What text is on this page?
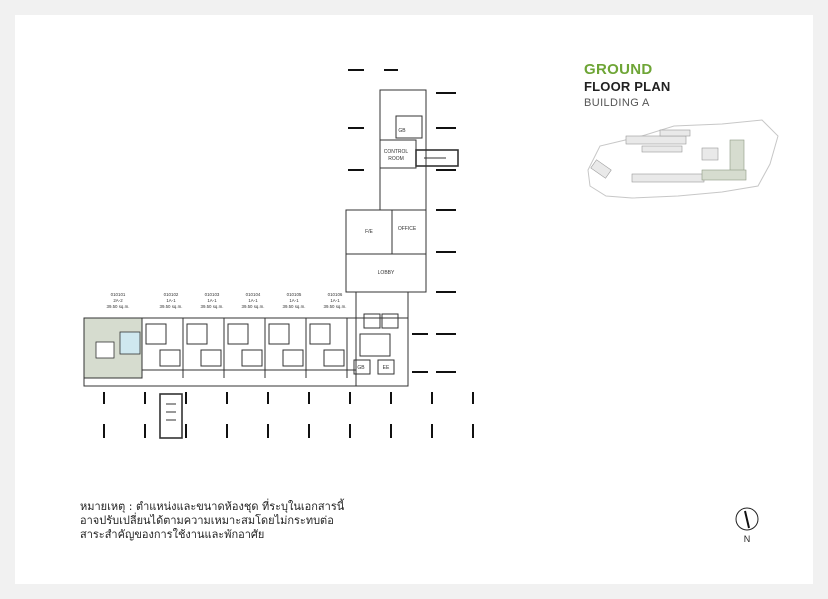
GROUND
FLOOR PLAN
BUILDING A
GB
CONTROL
ROOM
F/E	OFFICE
LOBBY
GB	EE
010101
2A-2
39.50 sq.m.
010102
1A-1
39.50 sq.m.
010103
1A-1
39.50 sq.m.
010104
1A-1
39.50 sq.m.
010105
1A-1
39.50 sq.m.
010106
1A-1
39.50 sq.m.
N
หมายเหตุ : ตำแหน่งและขนาดห้องชุด ที่ระบุในเอกสารนี้
อาจปรับเปลี่ยนได้ตามความเหมาะสมโดยไม่กระทบต่อ
สาระสำคัญของการใช้งานและพักอาศัย
